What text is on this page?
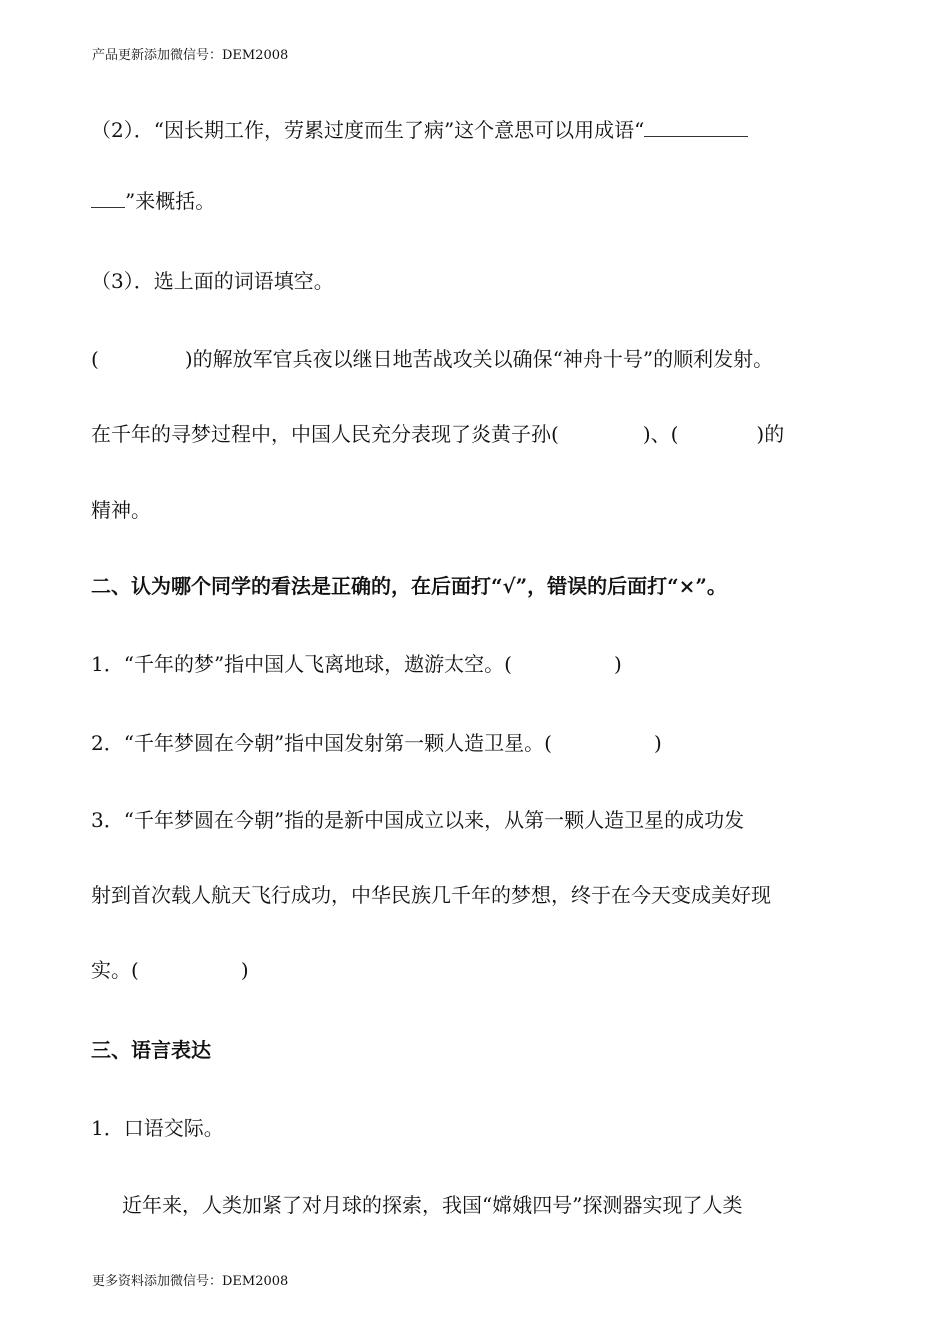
产品更新添加微信号：DEM2008
（2）．“因长期工作，劳累过度而生了病”这个意思可以用成语“
”来概括。
（3）．选上面的词语填空。
(	)的解放军官兵夜以继日地苦战攻关以确保“神舟十号”的顺利发射。
在千年的寻梦过程中，中国人民充分表现了炎黄子孙(	)、(	)的
精神。
二、认为哪个同学的看法是正确的，在后面打“√”，错误的后面打“×”。
1．“千年的梦”指中国人飞离地球，遨游太空。(	)
2．“千年梦圆在今朝”指中国发射第一颗人造卫星。(	)
3．“千年梦圆在今朝”指的是新中国成立以来，从第一颗人造卫星的成功发
射到首次载人航天飞行成功，中华民族几千年的梦想，终于在今天变成美好现
实。(	)
三、语言表达
1．口语交际。
近年来，人类加紧了对月球的探索，我国“嫦娥四号”探测器实现了人类
更多资料添加微信号：DEM2008
